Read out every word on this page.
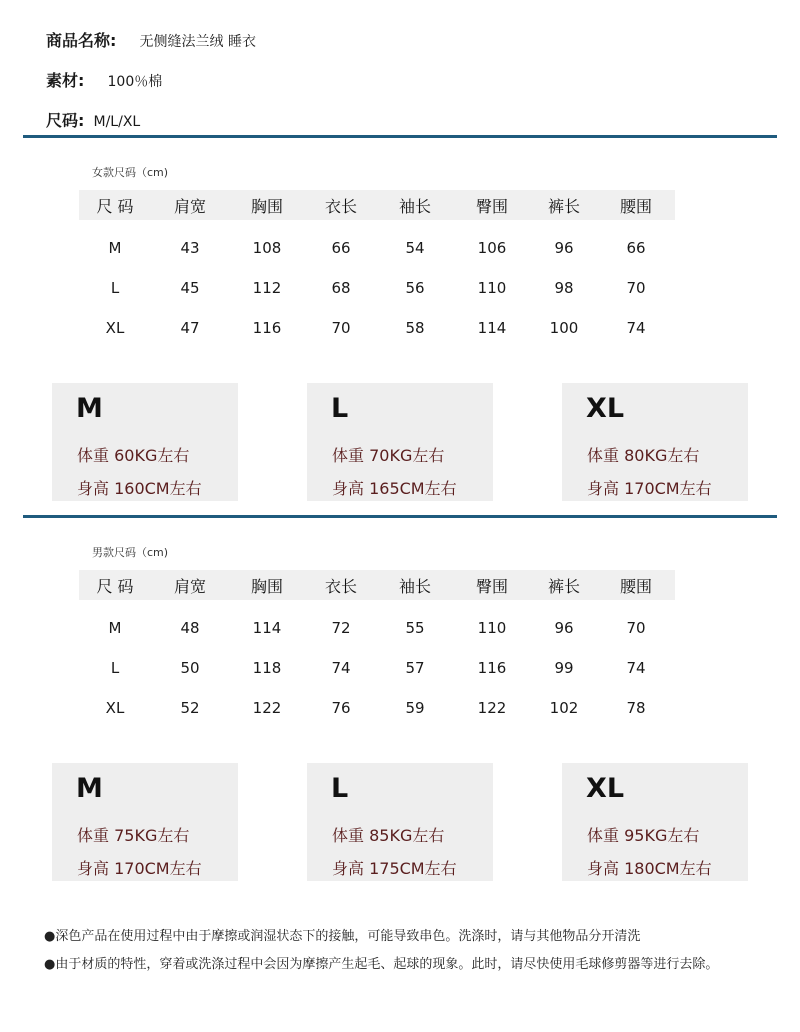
商品名称: 无侧缝法兰绒 睡衣
素材: 100％棉
尺码: M/L/XL
女款尺码（cm)
尺 码	肩宽	胸围	衣长	袖长	臀围	裤长	腰围
M	43	108	66	54	106	96	66
L	45	112	68	56	110	98	70
XL	47	116	70	58	114	100	74
M
体重 60KG左右
身高 160CM左右
L
体重 70KG左右
身高 165CM左右
XL
体重 80KG左右
身高 170CM左右
男款尺码（cm)
尺 码	肩宽	胸围	衣长	袖长	臀围	裤长	腰围
M	48	114	72	55	110	96	70
L	50	118	74	57	116	99	74
XL	52	122	76	59	122	102	78
M
体重 75KG左右
身高 170CM左右
L
体重 85KG左右
身高 175CM左右
XL
体重 95KG左右
身高 180CM左右
●深色产品在使用过程中由于摩擦或润湿状态下的接触，可能导致串色。洗涤时，请与其他物品分开清洗
●由于材质的特性，穿着或洗涤过程中会因为摩擦产生起毛、起球的现象。此时，请尽快使用毛球修剪器等进行去除。
